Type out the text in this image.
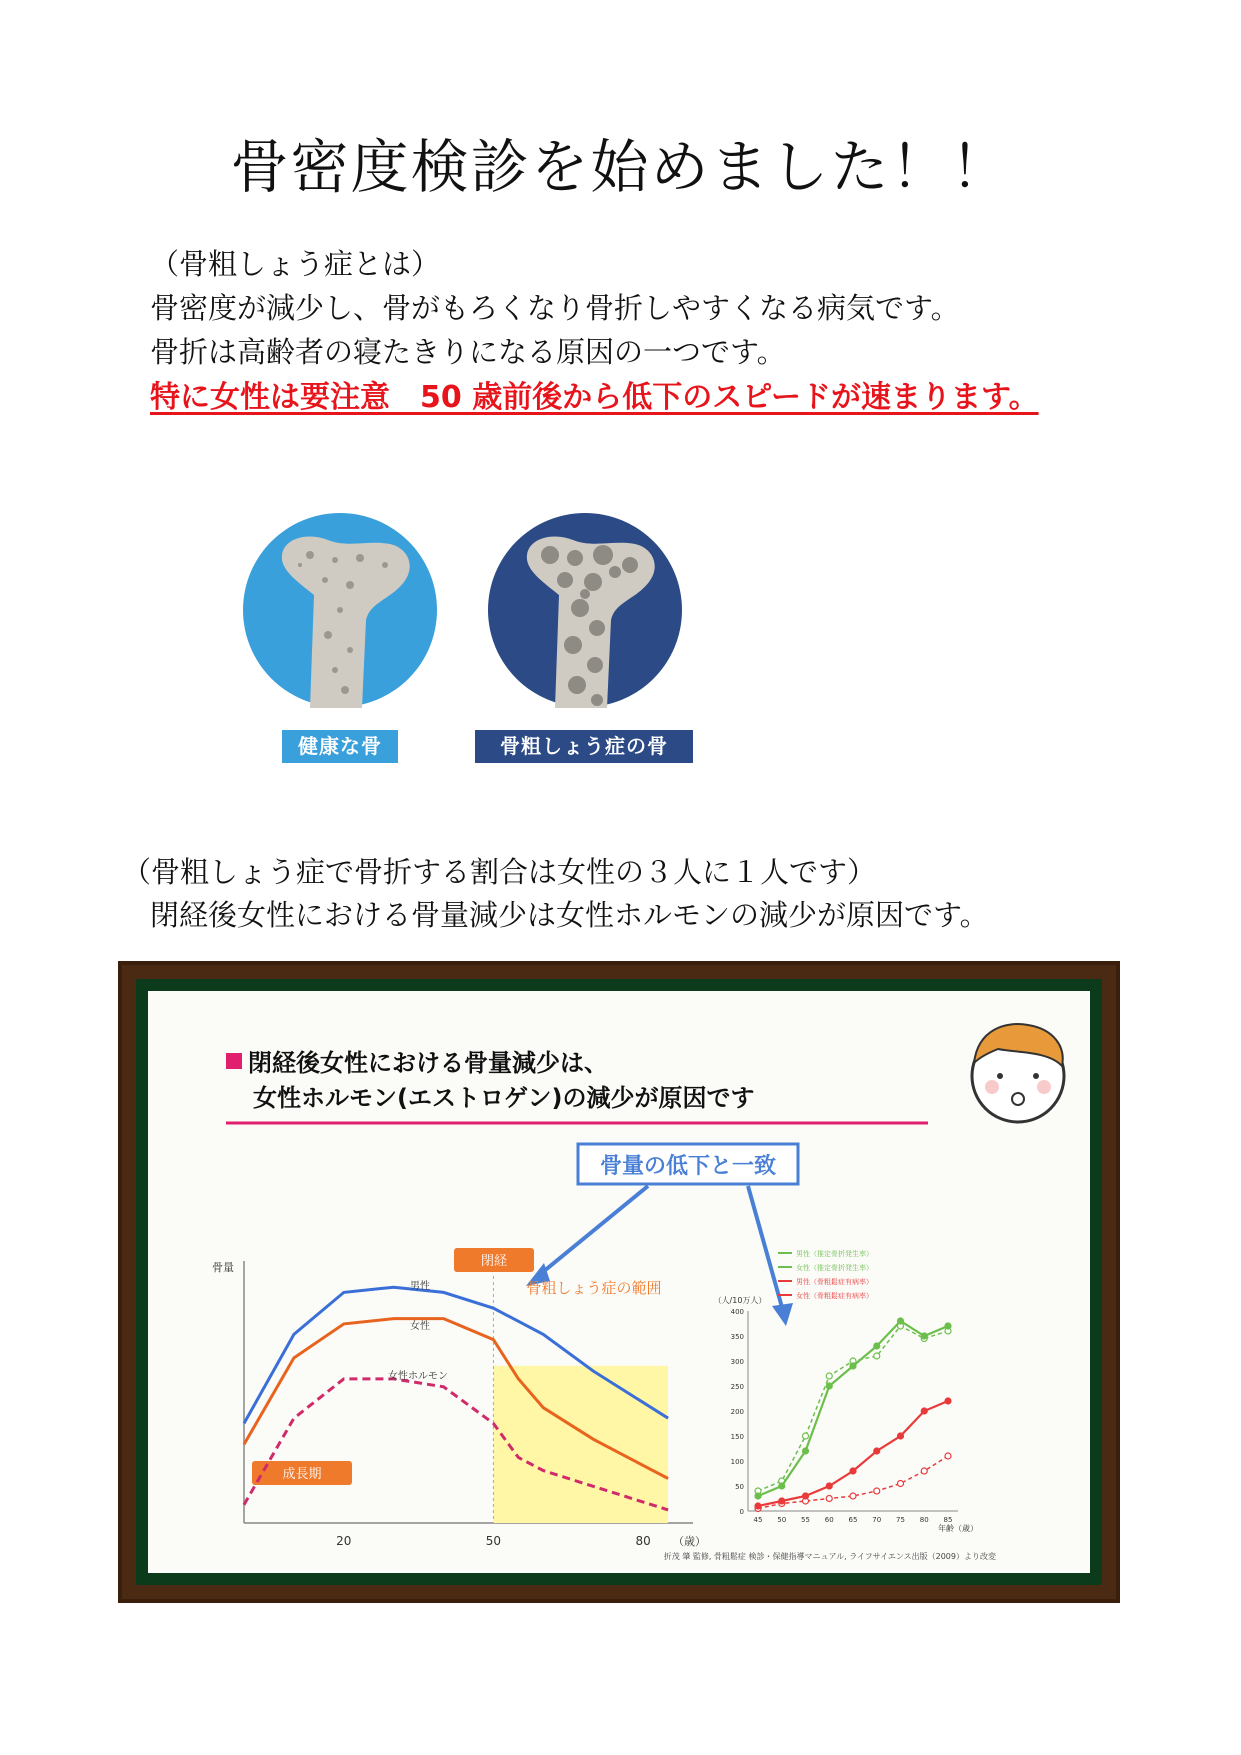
骨密度検診を始めました！！
（骨粗しょう症とは）
骨密度が減少し、骨がもろくなり骨折しやすくなる病気です。
骨折は高齢者の寝たきりになる原因の一つです。
特に女性は要注意　50 歳前後から低下のスピードが速まります。
健康な骨	骨粗しょう症の骨
（骨粗しょう症で骨折する割合は女性の３人に１人です）
閉経後女性における骨量減少は女性ホルモンの減少が原因です。
閉経後女性における骨量減少は、
女性ホルモン(エストロゲン)の減少が原因です
骨量の低下と一致
骨量	閉経
成長期
骨粗しょう症の範囲
男性
女性
女性ホルモン
20	50	80 （歳）
（人/10万人）
年齢（歳）
男性（推定骨折発生率）
女性（推定骨折発生率）
男性（骨粗鬆症有病率）
女性（骨粗鬆症有病率）
0
50
100
150
200
250
300
350
400
45 50 55 60 65 70 75 80 85
折茂 肇 監修, 骨粗鬆症 検診・保健指導マニュアル, ライフサイエンス出版（2009）より改変
